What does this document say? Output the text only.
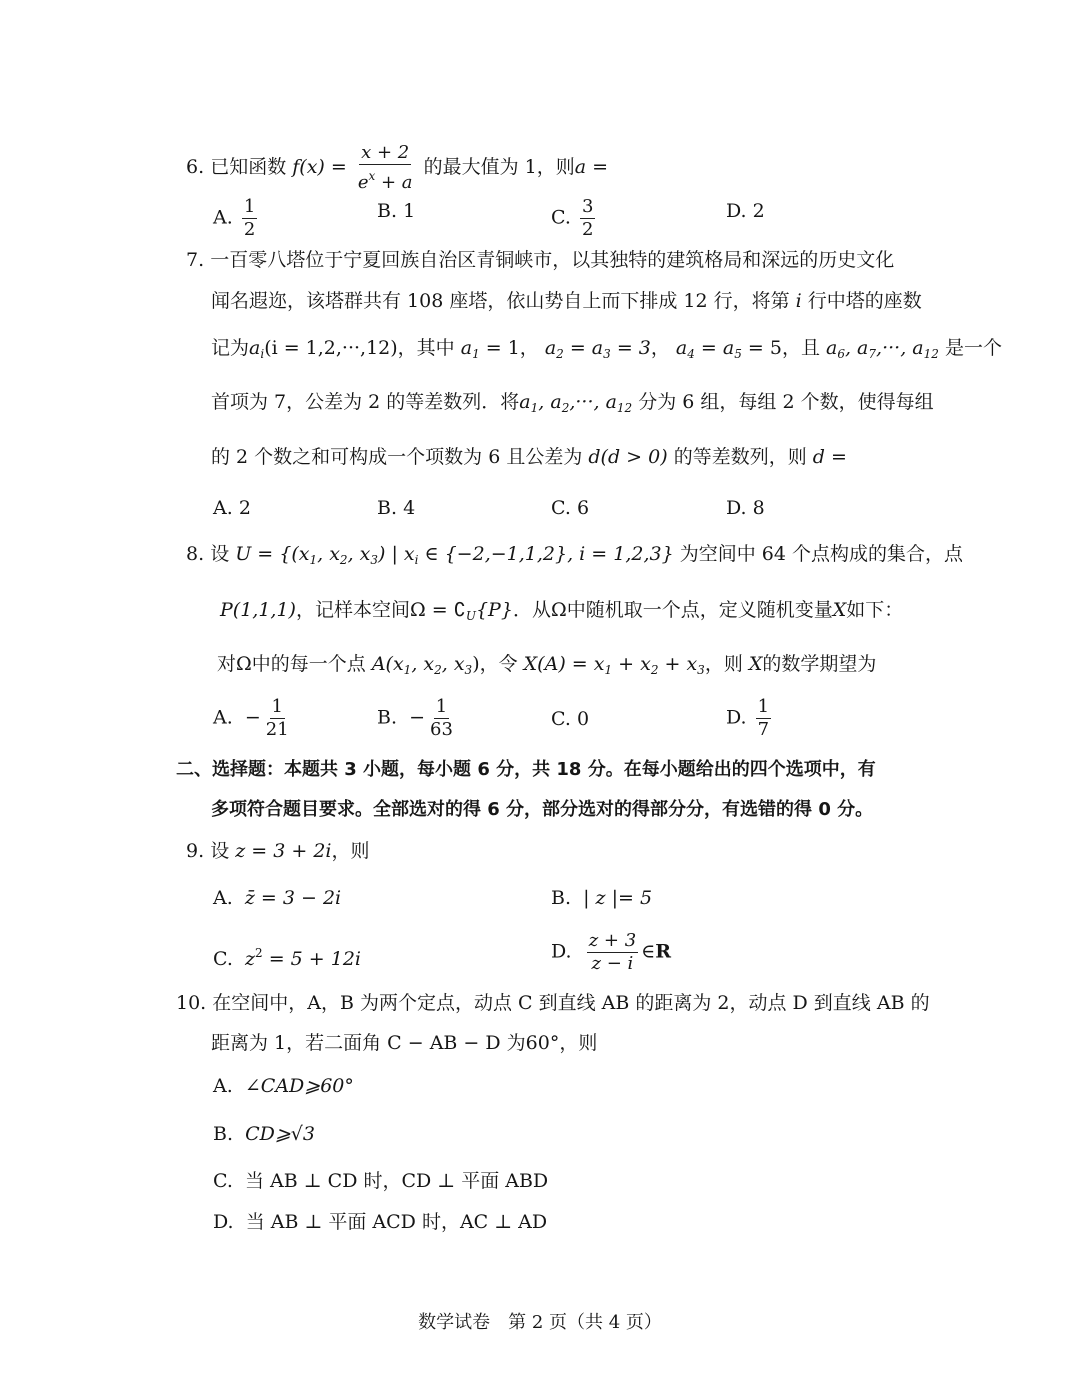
6. 已知函数 $f(x) = \frac{x + 2}{e^x + a}$ 的最大值为 1，则a =
A. $\frac{1}{2}$	B. 1	C. $\frac{3}{2}$	D. 2
7. 一百零八塔位于宁夏回族自治区青铜峡市，以其独特的建筑格局和深远的历史文化
闻名遐迩，该塔群共有 108 座塔，依山势自上而下排成 12 行，将第 i 行中塔的座数
记为$a_i(i = 1,2,\cdot\cdot\cdot,12)$，其中 $a_1 = 1$， $a_2 = a_3 = 3$， $a_4 = a_5 = 5$，且 $a_6$, $a_7,\cdot\cdot\cdot$, $a_{12}$ 是一个
首项为 7，公差为 2 的等差数列．将$a_1$, $a_2,\cdot\cdot\cdot$, $a_{12}$ 分为 6 组，每组 2 个数，使得每组
的 2 个数之和可构成一个项数为 6 且公差为 d(d > 0) 的等差数列，则 d =
A. 2	B. 4	C. 6	D. 8
8. 设 $U = \{(x_1$, $x_2$, $x_3$) | $x_i$ ∈ {−2,−1,1,2}, i = 1,2,3} 为空间中 64 个点构成的集合，点
P(1,1,1)，记样本空间$\Omega = ∁_U\{P\}$．从Ω中随机取一个点，定义随机变量X如下：
对Ω中的每一个点 $A(x_1$, $x_2$, $x_3$)，令 $X(A) = x_1 + x_2 + x_3$，则 X的数学期望为
A. − $\frac{1}{21}$	B. − $\frac{1}{63}$	C. 0	D. $\frac{1}{7}$
二、选择题：本题共 3 小题，每小题 6 分，共 18 分。在每小题给出的四个选项中，有
多项符合题目要求。全部选对的得 6 分，部分选对的得部分分，有选错的得 0 分。
9. 设 z = 3 + 2i，则
A. z̄ = 3 − 2i	B. | z |= 5
C. $z^2 = 5 + 12i$	D. $\frac{z + 3}{z - i}$ ∈R
10. 在空间中，A，B 为两个定点，动点 C 到直线 AB 的距离为 2，动点 D 到直线 AB 的
距离为 1，若二面角 C − AB − D 为60°，则
A. ∠CAD⩾60°
B. CD⩾√3
C. 当 AB ⊥ CD 时，CD ⊥ 平面 ABD
D. 当 AB ⊥ 平面 ACD 时，AC ⊥ AD
数学试卷　第 2 页（共 4 页）
